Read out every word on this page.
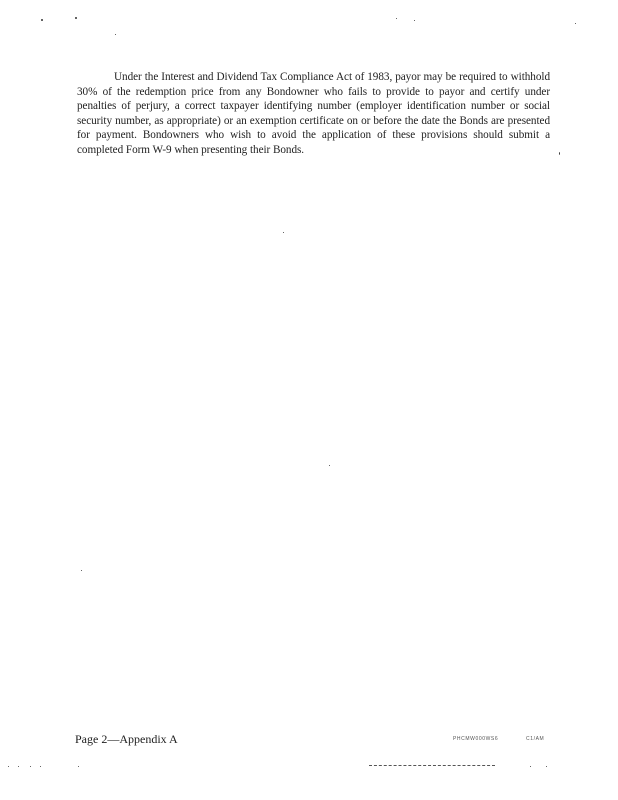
Under the Interest and Dividend Tax Compliance Act of 1983, payor may be required to withhold 30% of the redemption price from any Bondowner who fails to provide to payor and certify under penalties of perjury, a correct taxpayer identifying number (employer identification number or social security number, as appropriate) or an exemption certificate on or before the date the Bonds are presented for payment. Bondowners who wish to avoid the application of these provisions should submit a completed Form W-9 when presenting their Bonds.

Page 2—Appendix A	PHCMW000WS6	C1/AM
